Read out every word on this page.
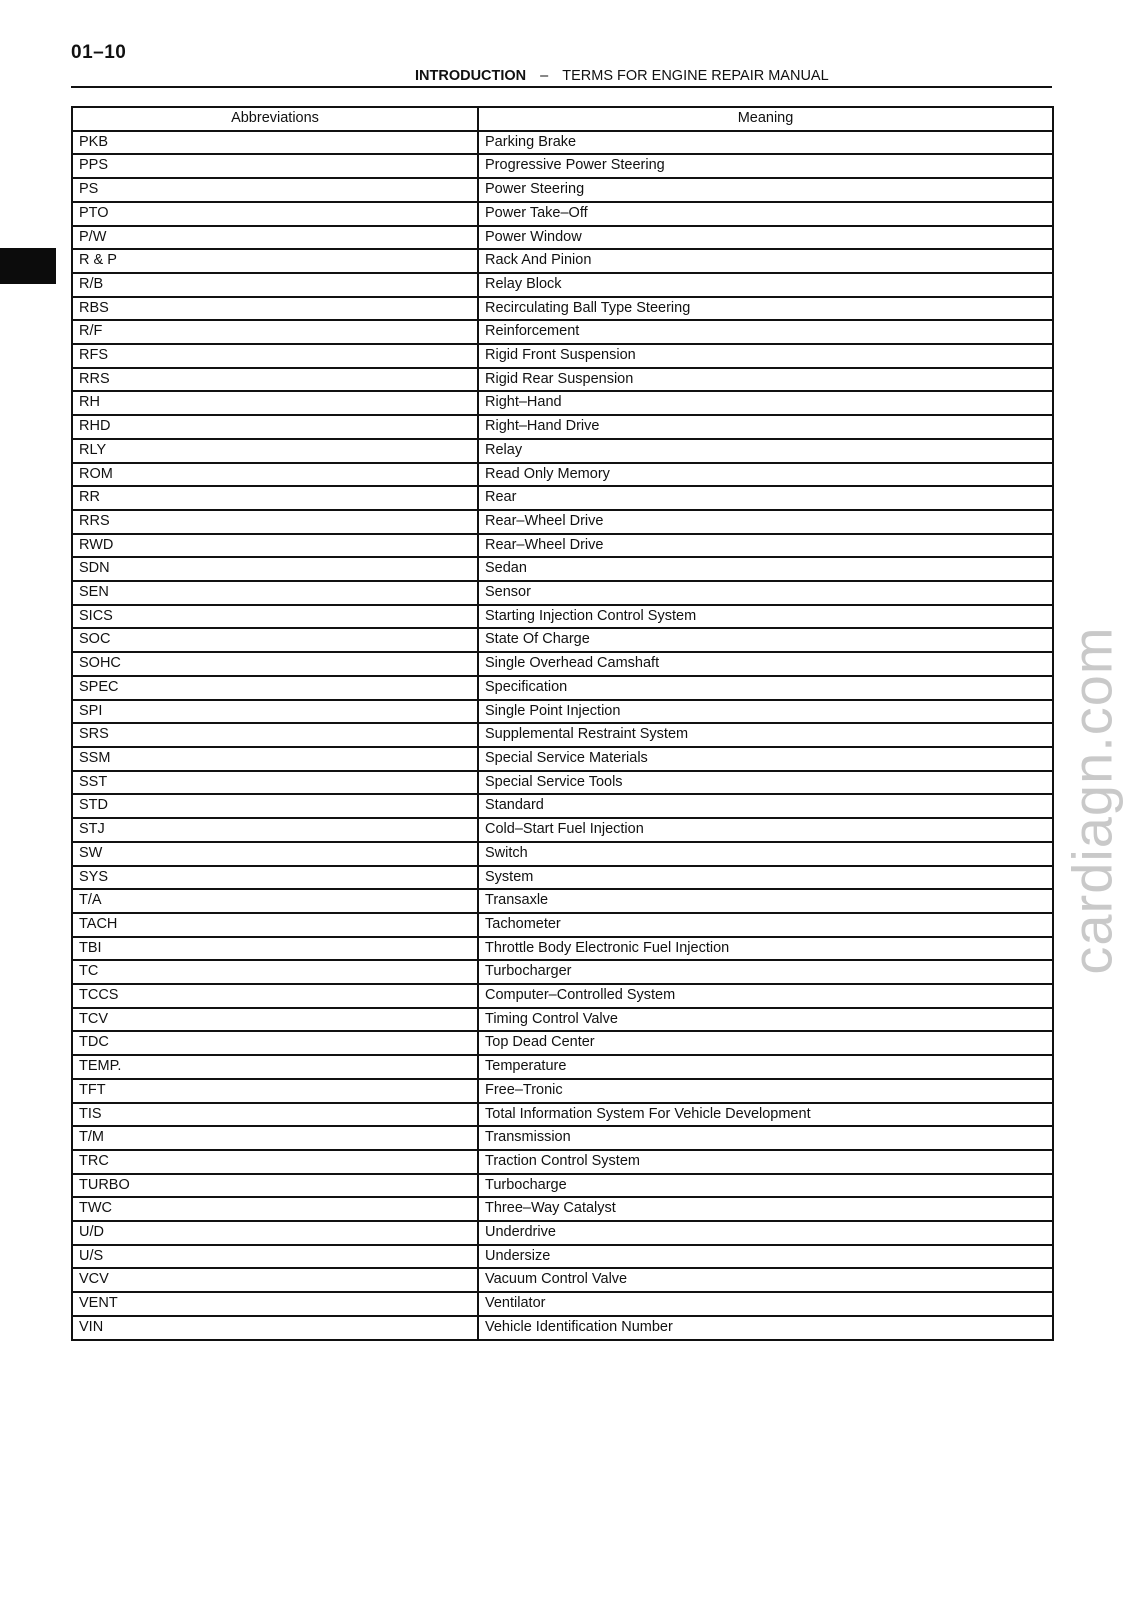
01–10
INTRODUCTION – TERMS FOR ENGINE REPAIR MANUAL
Abbreviations	Meaning
PKB	Parking Brake
PPS	Progressive Power Steering
PS	Power Steering
PTO	Power Take–Off
P/W	Power Window
R & P	Rack And Pinion
R/B	Relay Block
RBS	Recirculating Ball Type Steering
R/F	Reinforcement
RFS	Rigid Front Suspension
RRS	Rigid Rear Suspension
RH	Right–Hand
RHD	Right–Hand Drive
RLY	Relay
ROM	Read Only Memory
RR	Rear
RRS	Rear–Wheel Drive
RWD	Rear–Wheel Drive
SDN	Sedan
SEN	Sensor
SICS	Starting Injection Control System
SOC	State Of Charge
SOHC	Single Overhead Camshaft
SPEC	Specification
SPI	Single Point Injection
SRS	Supplemental Restraint System
SSM	Special Service Materials
SST	Special Service Tools
STD	Standard
STJ	Cold–Start Fuel Injection
SW	Switch
SYS	System
T/A	Transaxle
TACH	Tachometer
TBI	Throttle Body Electronic Fuel Injection
TC	Turbocharger
TCCS	Computer–Controlled System
TCV	Timing Control Valve
TDC	Top Dead Center
TEMP.	Temperature
TFT	Free–Tronic
TIS	Total Information System For Vehicle Development
T/M	Transmission
TRC	Traction Control System
TURBO	Turbocharge
TWC	Three–Way Catalyst
U/D	Underdrive
U/S	Undersize
VCV	Vacuum Control Valve
VENT	Ventilator
VIN	Vehicle Identification Number
cardiagn.com
